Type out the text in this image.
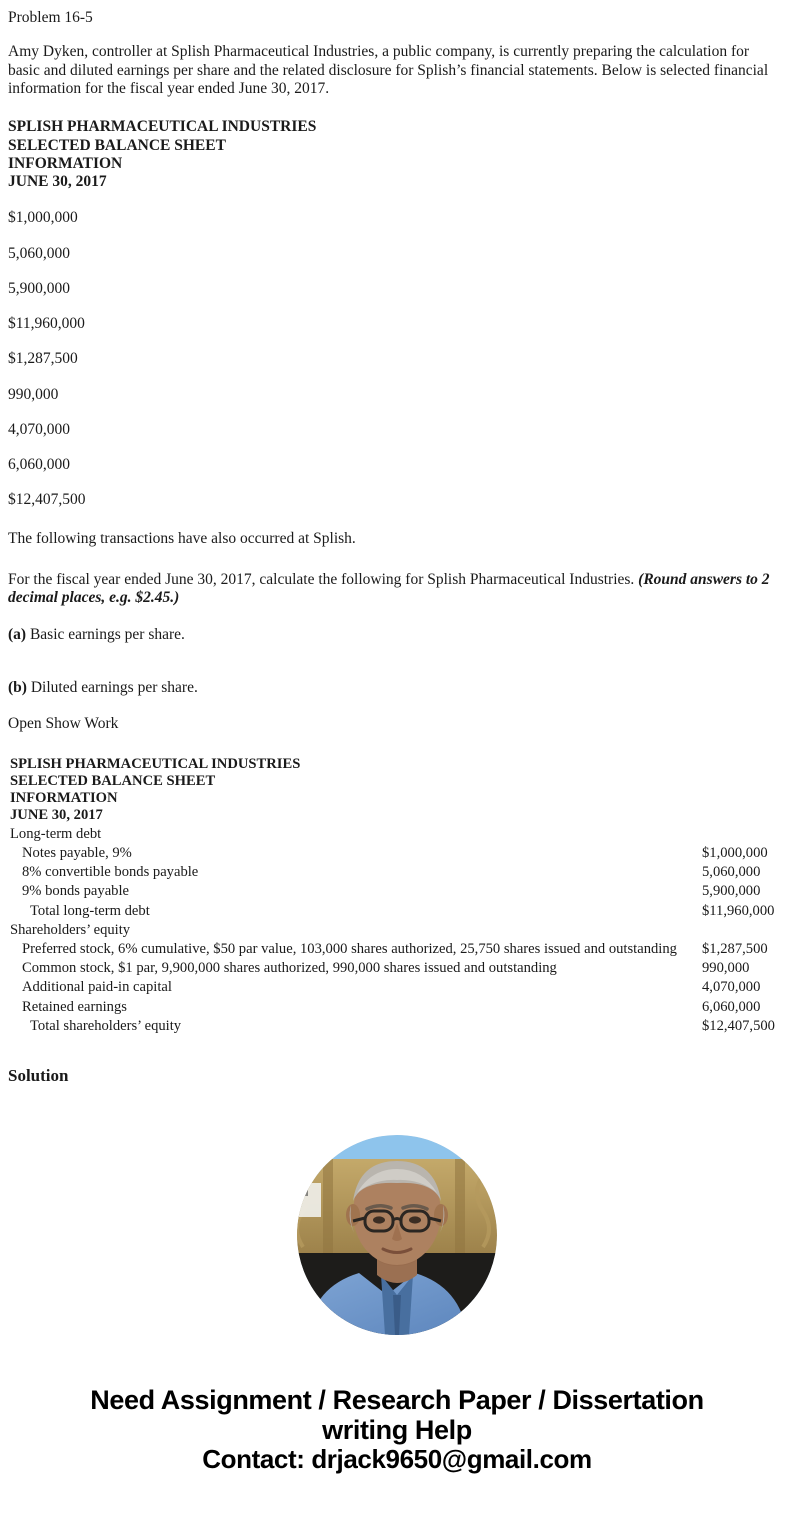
Problem 16-5

Amy Dyken, controller at Splish Pharmaceutical Industries, a public company, is currently preparing the calculation for basic and diluted earnings per share and the related disclosure for Splish’s financial statements. Below is selected financial information for the fiscal year ended June 30, 2017.

SPLISH PHARMACEUTICAL INDUSTRIES
SELECTED BALANCE SHEET
INFORMATION
JUNE 30, 2017
$1,000,000
5,060,000
5,900,000
$11,960,000
$1,287,500
990,000
4,070,000
6,060,000
$12,407,500

The following transactions have also occurred at Splish.

For the fiscal year ended June 30, 2017, calculate the following for Splish Pharmaceutical Industries. (Round answers to 2 decimal places, e.g. $2.45.)

(a) Basic earnings per share.

(b) Diluted earnings per share.

Open Show Work

SPLISH PHARMACEUTICAL INDUSTRIES	
SELECTED BALANCE SHEET	
INFORMATION	
JUNE 30, 2017	
Long-term debt	
Notes payable, 9%	$1,000,000
8% convertible bonds payable	5,060,000
9% bonds payable	5,900,000
Total long-term debt	$11,960,000
Shareholders’ equity	
Preferred stock, 6% cumulative, $50 par value, 103,000 shares authorized, 25,750 shares issued and outstanding	$1,287,500
Common stock, $1 par, 9,900,000 shares authorized, 990,000 shares issued and outstanding	990,000
Additional paid-in capital	4,070,000
Retained earnings	6,060,000
Total shareholders’ equity	$12,407,500
Solution
Need Assignment / Research Paper / Dissertation
writing Help
Contact: drjack9650@gmail.com
